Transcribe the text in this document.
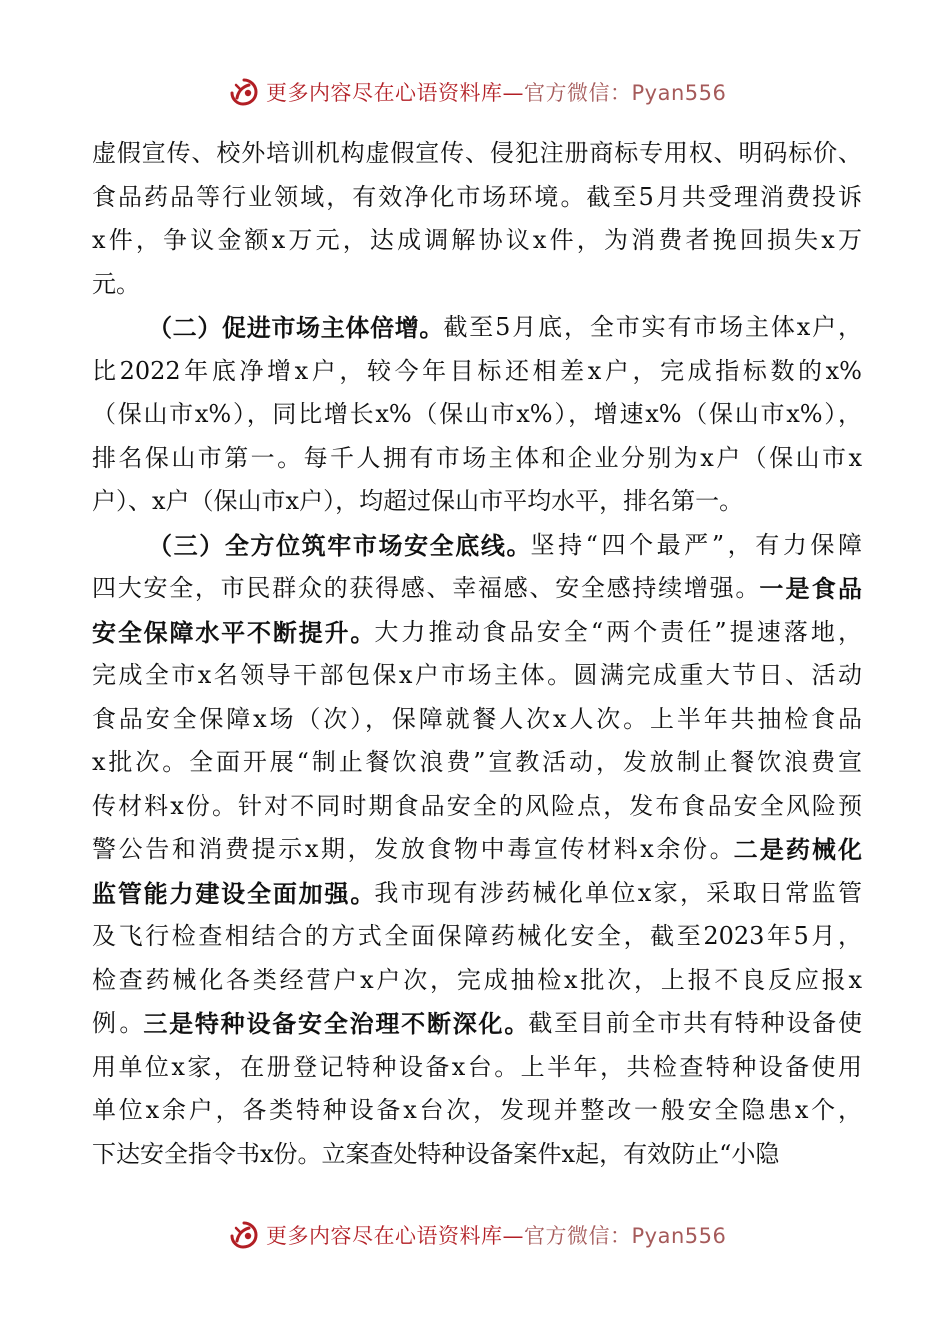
更多内容尽在心语资料库—官方微信：Pyan556
虚假宣传、校外培训机构虚假宣传、侵犯注册商标专用权、明码标价、
食品药品等行业领域，有效净化市场环境。截至5月共受理消费投诉
x件，争议金额x万元，达成调解协议x件，为消费者挽回损失x万
元。
（二）促进市场主体倍增。 截至5月底，全市实有市场主体x户，
比2022年底净增x户，较今年目标还相差x户，完成指标数的x%
（保山市x%），同比增长x%（保山市x%），增速x%（保山市x%），
排名保山市第一。每千人拥有市场主体和企业分别为x户（保山市x
户）、x户（保山市x户），均超过保山市平均水平，排名第一。
（三）全方位筑牢市场安全底线。 坚持“四个最严”，有力保障
四大安全，市民群众的获得感、幸福感、安全感持续增强。 一是食品
安全保障水平不断提升。 大力推动食品安全“两个责任”提速落地，
完成全市x名领导干部包保x户市场主体。圆满完成重大节日、活动
食品安全保障x场（次），保障就餐人次x人次。上半年共抽检食品
x批次。全面开展“制止餐饮浪费”宣教活动，发放制止餐饮浪费宣
传材料x份。针对不同时期食品安全的风险点，发布食品安全风险预
警公告和消费提示x期，发放食物中毒宣传材料x余份。 二是药械化
监管能力建设全面加强。 我市现有涉药械化单位x家，采取日常监管
及飞行检查相结合的方式全面保障药械化安全，截至2023年5月，
检查药械化各类经营户x户次，完成抽检x批次，上报不良反应报x
例。 三是特种设备安全治理不断深化。 截至目前全市共有特种设备使
用单位x家，在册登记特种设备x台。上半年，共检查特种设备使用
单位x余户，各类特种设备x台次，发现并整改一般安全隐患x个，
下达安全指令书x份。立案查处特种设备案件x起，有效防止“小隐
更多内容尽在心语资料库—官方微信：Pyan556
